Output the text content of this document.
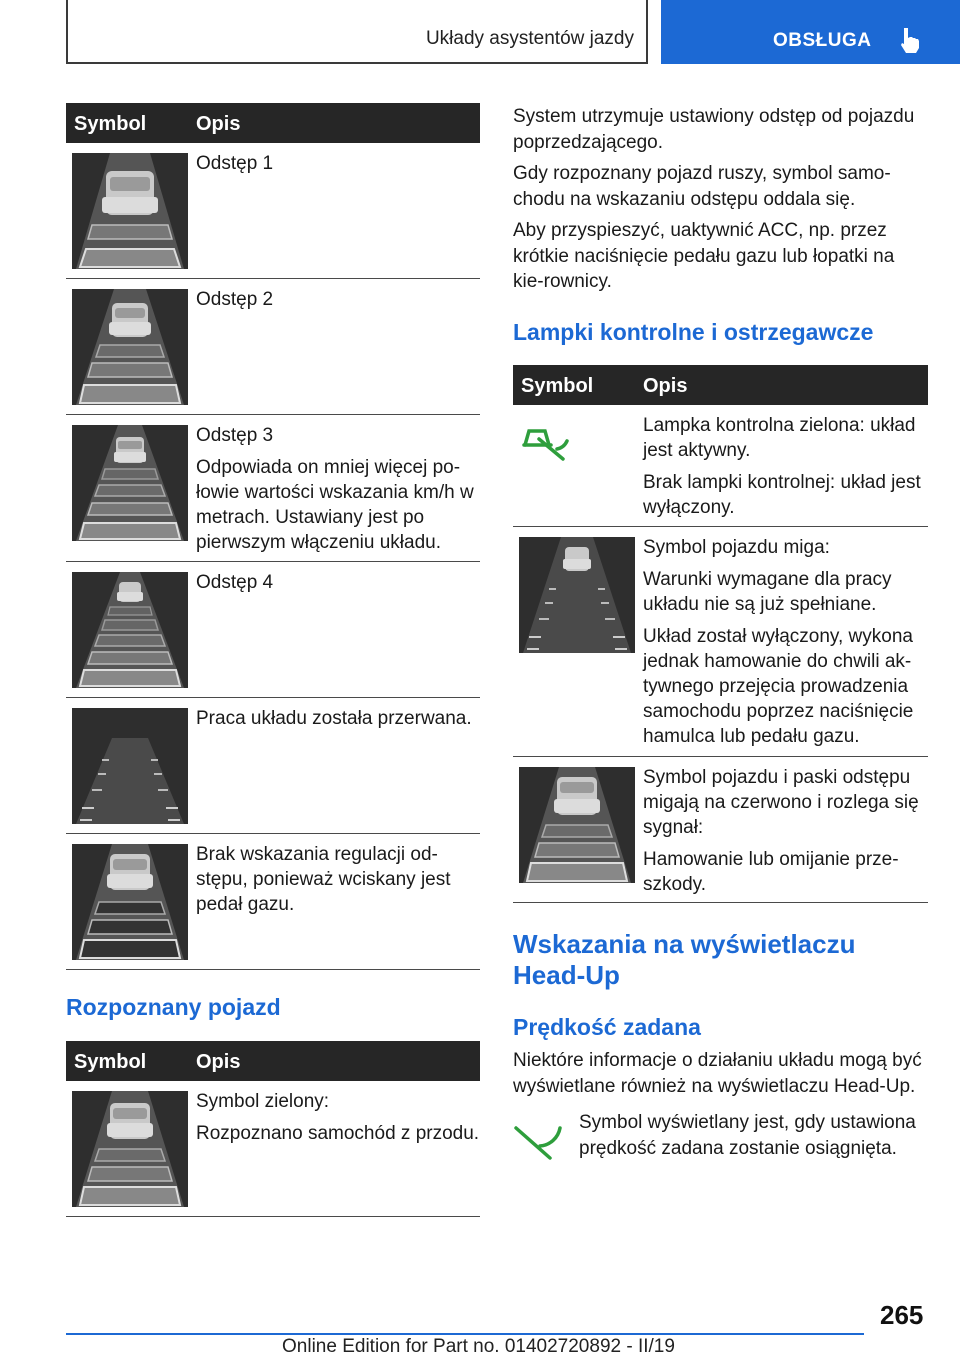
Układy asystentów jazdy	OBSŁUGA
Symbol Opis

Odstęp 1

Odstęp 2

Odstęp 3

Odpowiada on mniej więcej po-łowie wartości wskazania km/h w metrach. Ustawiany jest po pierwszym włączeniu układu.

Odstęp 4

Praca układu została przerwana.

Brak wskazania regulacji od-stępu, ponieważ wciskany jest pedał gazu.

Rozpoznany pojazd
Symbol Opis

Symbol zielony:

Rozpoznano samochód z przodu.

System utrzymuje ustawiony odstęp od pojazdu poprzedzającego.

Gdy rozpoznany pojazd ruszy, symbol samo-chodu na wskazaniu odstępu oddala się.

Aby przyspieszyć, uaktywnić ACC, np. przez krótkie naciśnięcie pedału gazu lub łopatki na kie-rownicy.

Lampki kontrolne i ostrzegawcze
Symbol Opis

Lampka kontrolna zielona: układ jest aktywny.

Brak lampki kontrolnej: układ jest wyłączony.

Symbol pojazdu miga:

Warunki wymagane dla pracy układu nie są już spełniane.

Układ został wyłączony, wykona jednak hamowanie do chwili ak-tywnego przejęcia prowadzenia samochodu poprzez naciśnięcie hamulca lub pedału gazu.

Symbol pojazdu i paski odstępu migają na czerwono i rozlega się sygnał:

Hamowanie lub omijanie prze-szkody.

Wskazania na wyświetlaczu
Head-Up
Prędkość zadana
Niektóre informacje o działaniu układu mogą być wyświetlane również na wyświetlaczu Head-Up.
Symbol wyświetlany jest, gdy ustawiona prędkość zadana zostanie osiągnięta.
265
Online Edition for Part no. 01402720892 - II/19
